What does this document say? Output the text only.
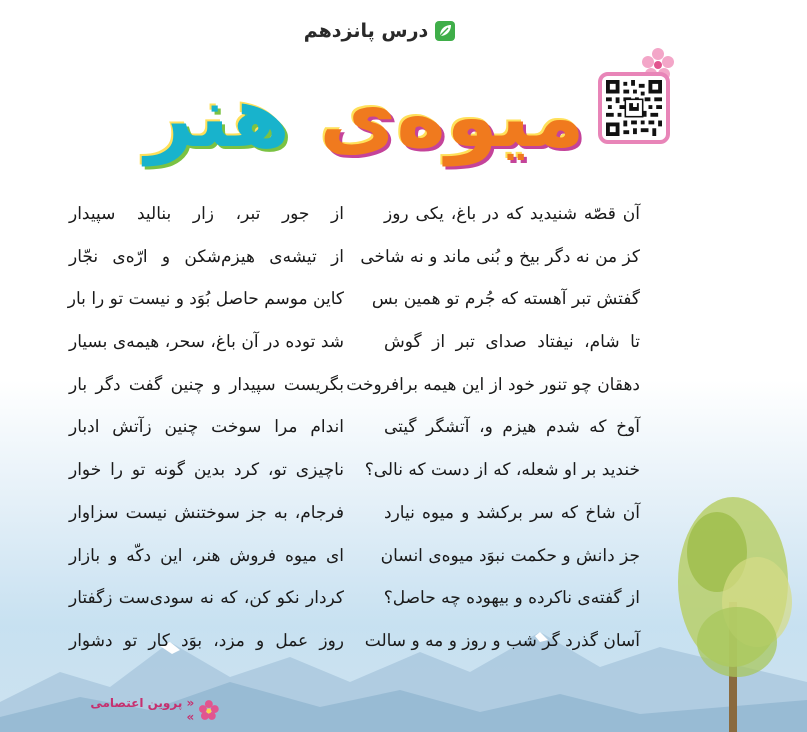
درس پانزدهم
میوه‌ی هنر
آن قصّه شنیدید که در باغ، یکی روز
کز من نه دگر بیخ و بُنی ماند و نه شاخی
گفتش تبر آهسته که جُرم تو همین بس
تا شام، نیفتاد صدای تبر از گوش
دهقان چو تنور خود از این هیمه برافروخت
آوخ که شدم هیزم و، آتشگر گیتی
خندید بر او شعله، که از دست که نالی؟
آن شاخ که سر برکشد و میوه نیارد
جز دانش و حکمت نبوَد میوه‌ی انسان
از گفته‌ی ناکرده و بیهوده چه حاصل؟
آسان گذرد گر شب و روز و مه و سالت
از جور تبر، زار بنالید سپیدار
از تیشه‌ی هیزم‌شکن و ارّه‌ی نجّار
کاین موسم حاصل بُوَد و نیست تو را بار
شد توده در آن باغ، سحر، هیمه‌ی بسیار
بگریست سپیدار و چنین گفت دگر بار
اندام مرا سوخت چنین زآتش ادبار
ناچیزی تو، کرد بدین گونه تو را خوار
فرجام، به جز سوختنش نیست سزاوار
ای میوه فروش هنر، این دکّه و بازار
کردار نکو کن، که نه سودی‌ست زگفتار
روز عمل و مزد، بوَد کار تو دشوار
« پروین اعتصامی »
